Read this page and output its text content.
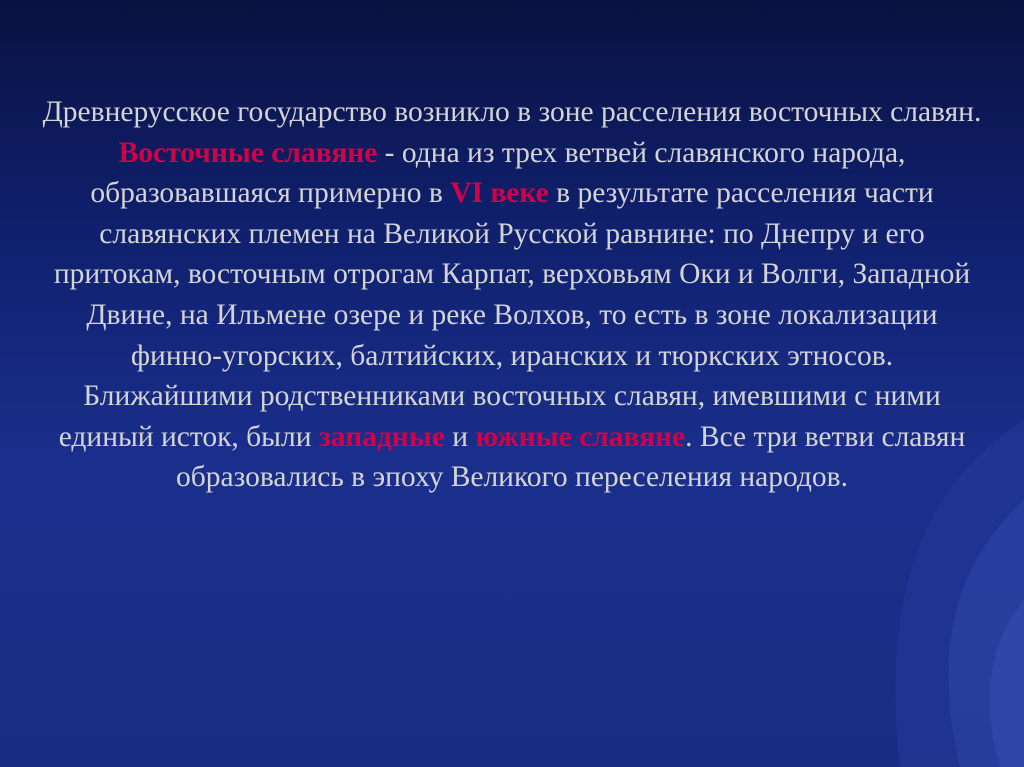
Древнерусское государство возникло в зоне расселения восточных славян.

Восточные славяне - одна из трех ветвей славянского народа, образовавшаяся примерно в VI веке в результате расселения части славянских племен на Великой Русской равнине: по Днепру и его притокам, восточным отрогам Карпат, верховьям Оки и Волги, Западной Двине, на Ильмене озере и реке Волхов, то есть в зоне локализации финно-угорских, балтийских, иранских и тюркских этносов.

Ближайшими родственниками восточных славян, имевшими с ними единый исток, были западные и южные славяне. Все три ветви славян образовались в эпоху Великого переселения народов.
